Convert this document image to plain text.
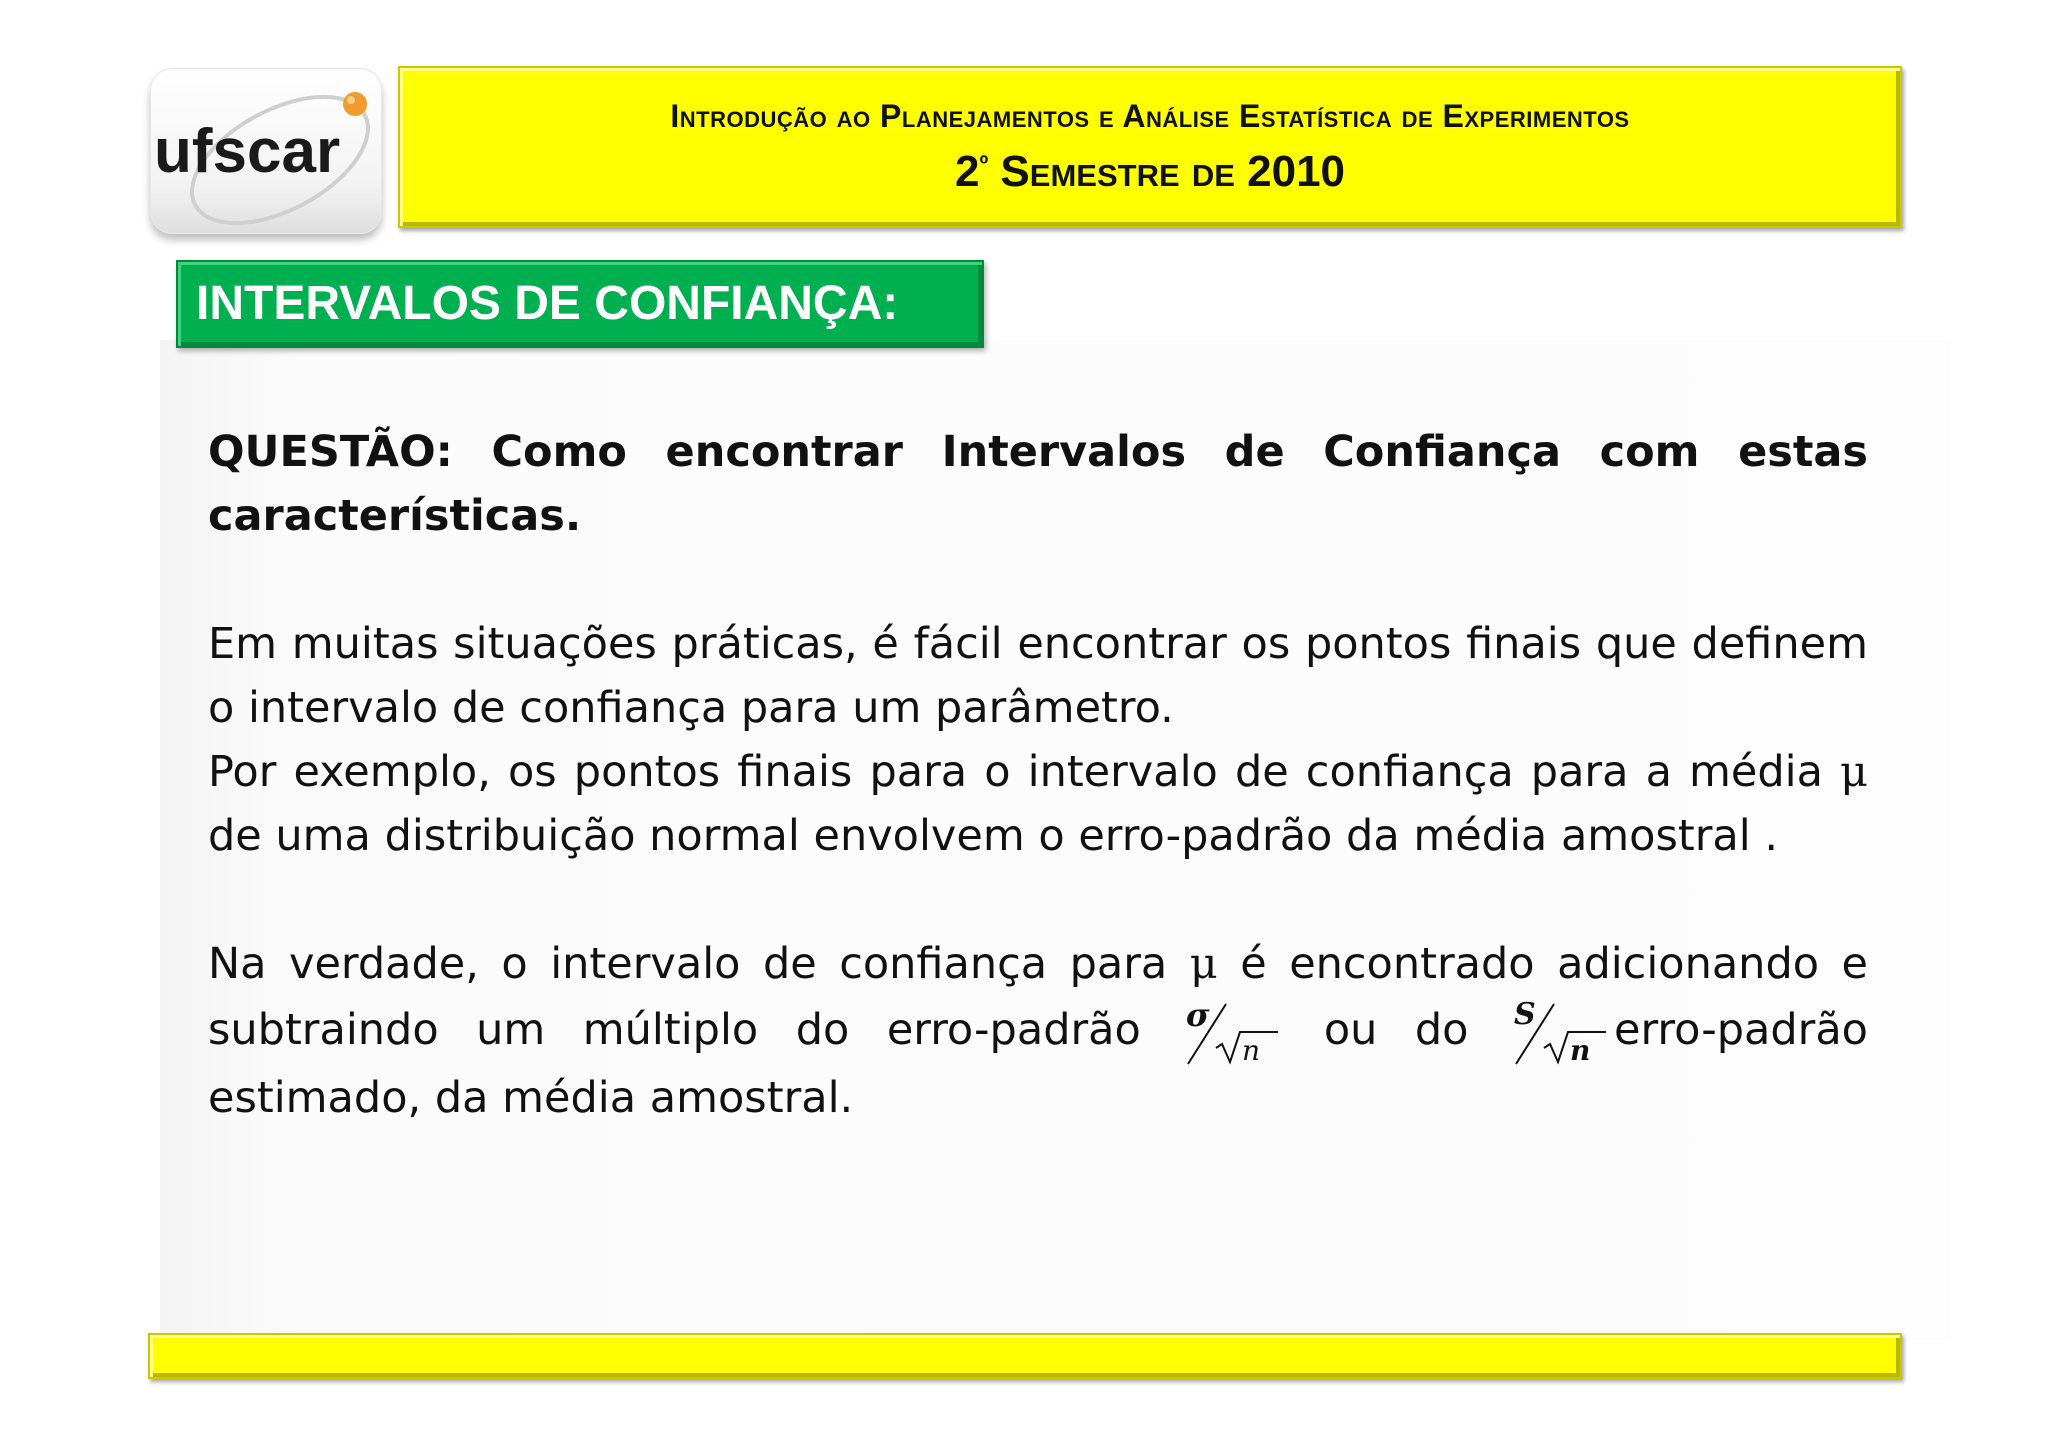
ufscar
Introdução ao Planejamentos e Análise Estatística de Experimentos
$2^º$ Semestre de 2010
INTERVALOS DE CONFIANÇA:

QUESTÃO: Como encontrar Intervalos de Confiança com estas características.

Em muitas situações práticas, é fácil encontrar os pontos finais que definem o intervalo de confiança para um parâmetro.

Por exemplo, os pontos finais para o intervalo de confiança para a média μ de uma distribuição normal envolvem o erro-padrão da média amostral .

Na verdade, o intervalo de confiança para μ é encontrado adicionando e subtraindo um múltiplo do erro-padrão σ
n ou do S
n erro-padrão estimado, da média amostral.
